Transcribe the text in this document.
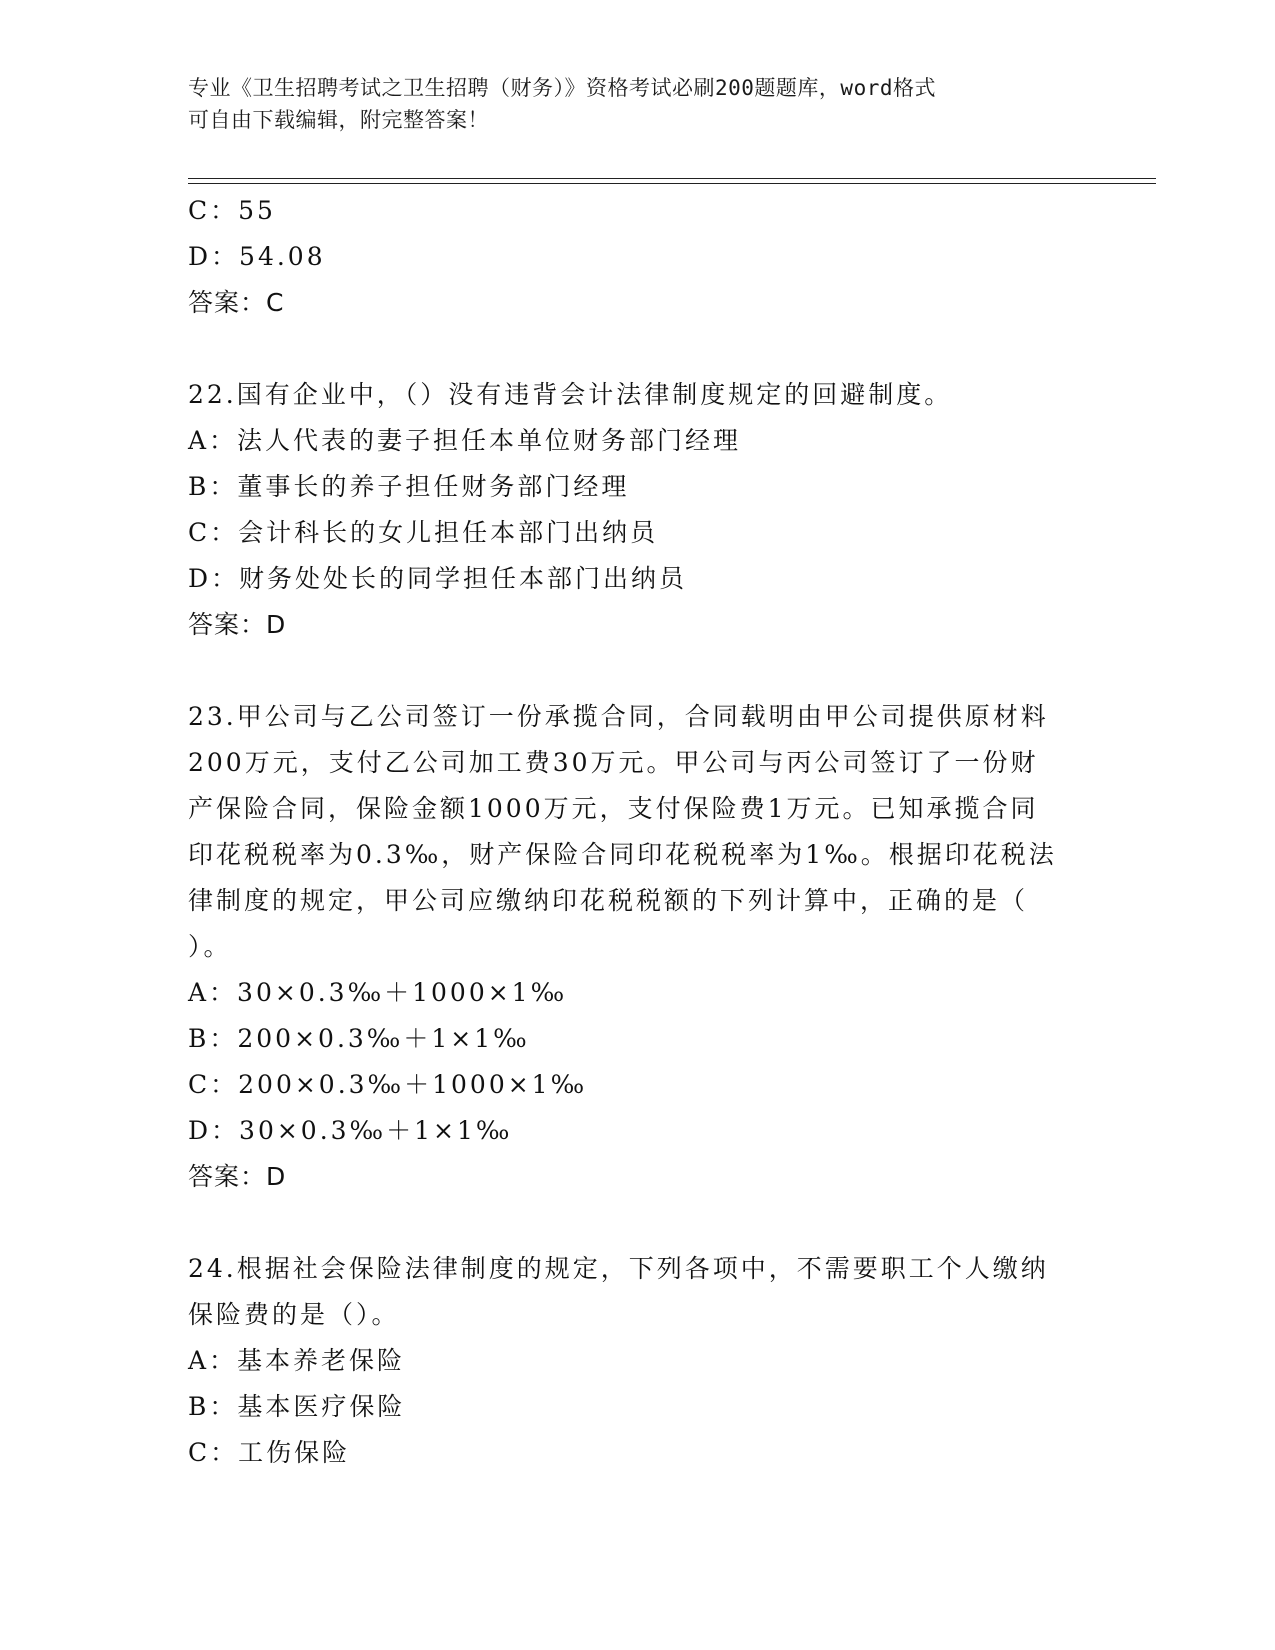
专业《卫生招聘考试之卫生招聘（财务）》资格考试必刷200题题库，word格式
可自由下载编辑，附完整答案！
C：55
D：54.08
答案：C
22.国有企业中，（）没有违背会计法律制度规定的回避制度。
A：法人代表的妻子担任本单位财务部门经理
B：董事长的养子担任财务部门经理
C：会计科长的女儿担任本部门出纳员
D：财务处处长的同学担任本部门出纳员
答案：D
23.甲公司与乙公司签订一份承揽合同，合同载明由甲公司提供原材料
200万元，支付乙公司加工费30万元。甲公司与丙公司签订了一份财
产保险合同，保险金额1000万元，支付保险费1万元。已知承揽合同
印花税税率为0.3‰，财产保险合同印花税税率为1‰。根据印花税法
律制度的规定，甲公司应缴纳印花税税额的下列计算中，正确的是（
）。
A：30×0.3‰＋1000×1‰
B：200×0.3‰＋1×1‰
C：200×0.3‰＋1000×1‰
D：30×0.3‰＋1×1‰
答案：D
24.根据社会保险法律制度的规定，下列各项中，不需要职工个人缴纳
保险费的是（）。
A：基本养老保险
B：基本医疗保险
C：工伤保险
